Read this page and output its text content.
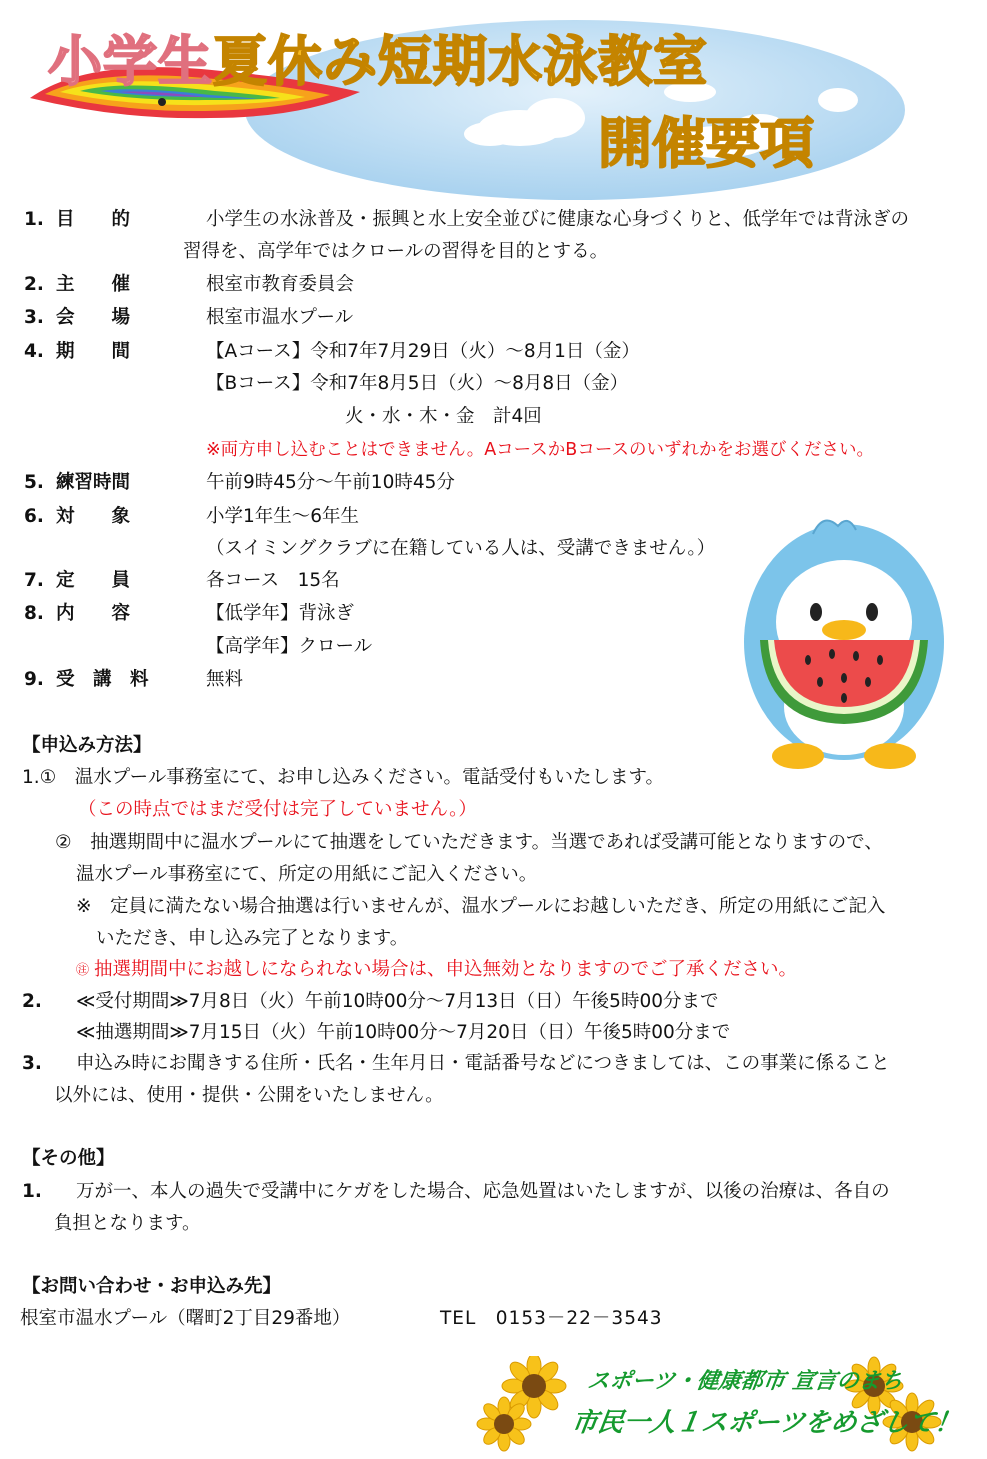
小学生夏休み短期水泳教室
開催要項
1. 目　　的	小学生の水泳普及・振興と水上安全並びに健康な心身づくりと、低学年では背泳ぎの
習得を、高学年ではクロールの習得を目的とする。
2. 主　　催	根室市教育委員会
3. 会　　場	根室市温水プール
4. 期　　間	【Aコース】令和7年7月29日（火）～8月1日（金）
【Bコース】令和7年8月5日（火）～8月8日（金）
火・水・木・金　計4回
※両方申し込むことはできません。AコースかBコースのいずれかをお選びください。
5. 練習時間	午前9時45分～午前10時45分
6. 対　　象	小学1年生～6年生
（スイミングクラブに在籍している人は、受講できません。）
7. 定　　員	各コース　15名
8. 内　　容	【低学年】背泳ぎ
【高学年】クロール
9. 受　講　料	無料
【申込み方法】
1.①　温水プール事務室にて、お申し込みください。電話受付もいたします。
（この時点ではまだ受付は完了していません。）
②　抽選期間中に温水プールにて抽選をしていただきます。当選であれば受講可能となりますので、
温水プール事務室にて、所定の用紙にご記入ください。
※　定員に満たない場合抽選は行いませんが、温水プールにお越しいただき、所定の用紙にご記入
いただき、申し込み完了となります。
㊟ 抽選期間中にお越しになられない場合は、申込無効となりますのでご了承ください。
2. ≪受付期間≫7月8日（火）午前10時00分～7月13日（日）午後5時00分まで
≪抽選期間≫7月15日（火）午前10時00分～7月20日（日）午後5時00分まで
3. 申込み時にお聞きする住所・氏名・生年月日・電話番号などにつきましては、この事業に係ること
以外には、使用・提供・公開をいたしません。
【その他】
1. 万が一、本人の過失で受講中にケガをした場合、応急処置はいたしますが、以後の治療は、各自の
負担となります。
【お問い合わせ・お申込み先】
根室市温水プール（曙町2丁目29番地）	TEL　0153－22－3543
スポーツ・健康都市 宣言のまち
市民一人１スポーツをめざして！
